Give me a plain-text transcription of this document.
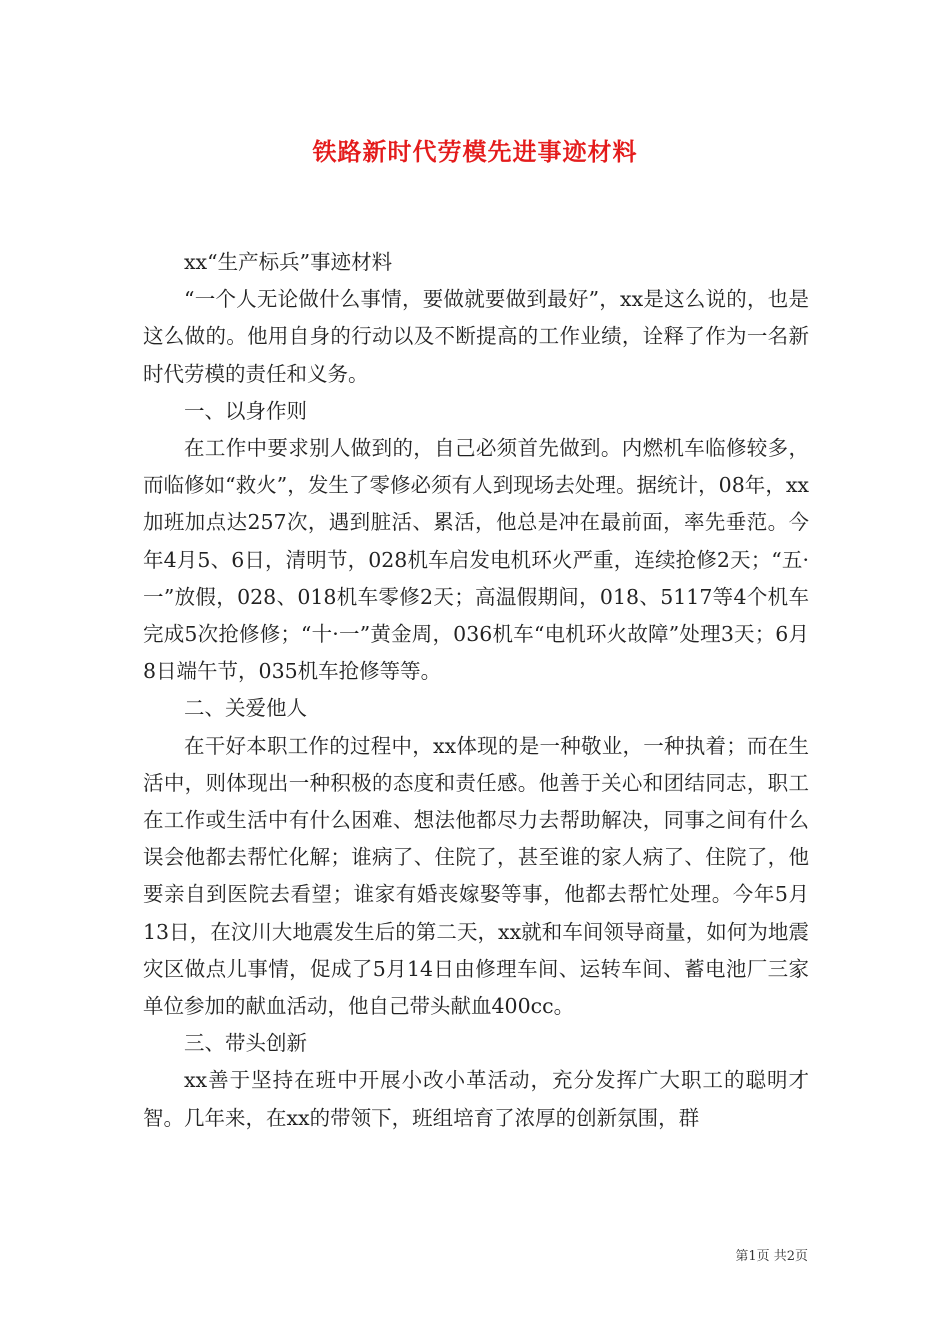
铁路新时代劳模先进事迹材料

xx“生产标兵”事迹材料

“一个人无论做什么事情，要做就要做到最好”，xx是这么说的，也是这么做的。他用自身的行动以及不断提高的工作业绩，诠释了作为一名新时代劳模的责任和义务。

一、以身作则

在工作中要求别人做到的，自己必须首先做到。内燃机车临修较多，而临修如“救火”，发生了零修必须有人到现场去处理。据统计，08年，xx加班加点达257次，遇到脏活、累活，他总是冲在最前面，率先垂范。今年4月5、6日，清明节，028机车启发电机环火严重，连续抢修2天；“五·一”放假，028、018机车零修2天；高温假期间，018、5117等4个机车完成5次抢修修；“十·一”黄金周，036机车“电机环火故障”处理3天；6月8日端午节，035机车抢修等等。

二、关爱他人

在干好本职工作的过程中，xx体现的是一种敬业，一种执着；而在生活中，则体现出一种积极的态度和责任感。他善于关心和团结同志，职工在工作或生活中有什么困难、想法他都尽力去帮助解决，同事之间有什么误会他都去帮忙化解；谁病了、住院了，甚至谁的家人病了、住院了，他要亲自到医院去看望；谁家有婚丧嫁娶等事，他都去帮忙处理。今年5月13日，在汶川大地震发生后的第二天，xx就和车间领导商量，如何为地震灾区做点儿事情，促成了5月14日由修理车间、运转车间、蓄电池厂三家单位参加的献血活动，他自己带头献血400cc。

三、带头创新

xx善于坚持在班中开展小改小革活动，充分发挥广大职工的聪明才智。几年来，在xx的带领下，班组培育了浓厚的创新氛围，群

第1页 共2页
